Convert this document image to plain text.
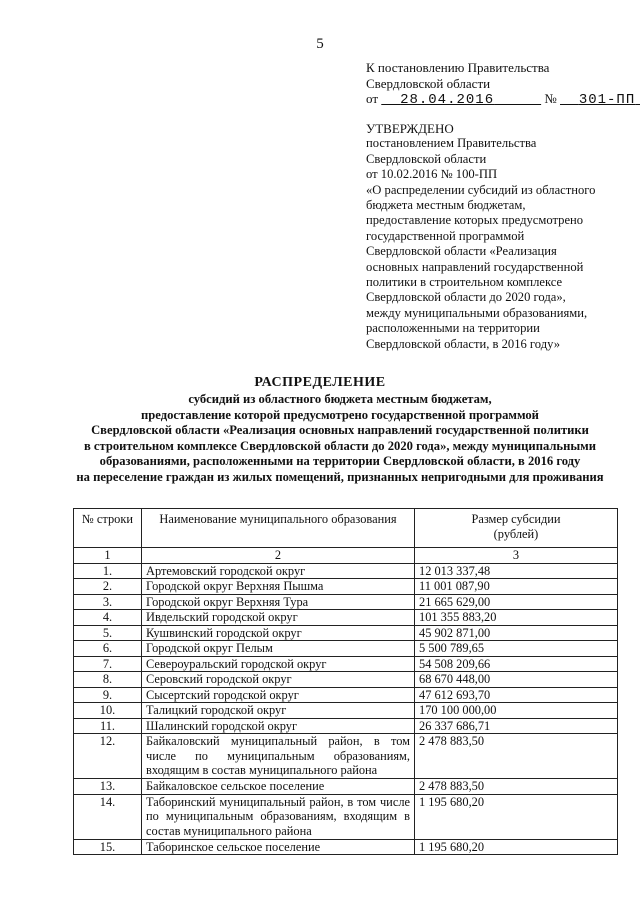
5
К постановлению Правительства
Свердловской области
от 28.04.2016	№ 301-ПП
УТВЕРЖДЕНО
постановлением Правительства
Свердловской области
от 10.02.2016 № 100-ПП
«О распределении субсидий из областного
бюджета местным бюджетам,
предоставление которых предусмотрено
государственной программой
Свердловской области «Реализация
основных направлений государственной
политики в строительном комплексе
Свердловской области до 2020 года»,
между муниципальными образованиями,
расположенными на территории
Свердловской области, в 2016 году»
РАСПРЕДЕЛЕНИЕ
субсидий из областного бюджета местным бюджетам,
предоставление которой предусмотрено государственной программой
Свердловской области «Реализация основных направлений государственной политики
в строительном комплексе Свердловской области до 2020 года», между муниципальными
образованиями, расположенными на территории Свердловской области, в 2016 году
на переселение граждан из жилых помещений, признанных непригодными для проживания
№ строки	Наименование муниципального образования	Размер субсидии
(рублей)

1	2	3
1.	Артемовский городской округ	12 013 337,48
2.	Городской округ Верхняя Пышма	11 001 087,90
3.	Городской округ Верхняя Тура	21 665 629,00
4.	Ивдельский городской округ	101 355 883,20
5.	Кушвинский городской округ	45 902 871,00
6.	Городской округ Пелым	5 500 789,65
7.	Североуральский городской округ	54 508 209,66
8.	Серовский городской округ	68 670 448,00
9.	Сысертский городской округ	47 612 693,70
10.	Талицкий городской округ	170 100 000,00
11.	Шалинский городской округ	26 337 686,71
12.	Байкаловский муниципальный район, в том числе по муниципальным образованиям, входящим в состав муниципального района	2 478 883,50
13.	Байкаловское сельское поселение	2 478 883,50
14.	Таборинский муниципальный район, в том числе по муниципальным образованиям, входящим в состав муниципального района	1 195 680,20
15.	Таборинское сельское поселение	1 195 680,20
